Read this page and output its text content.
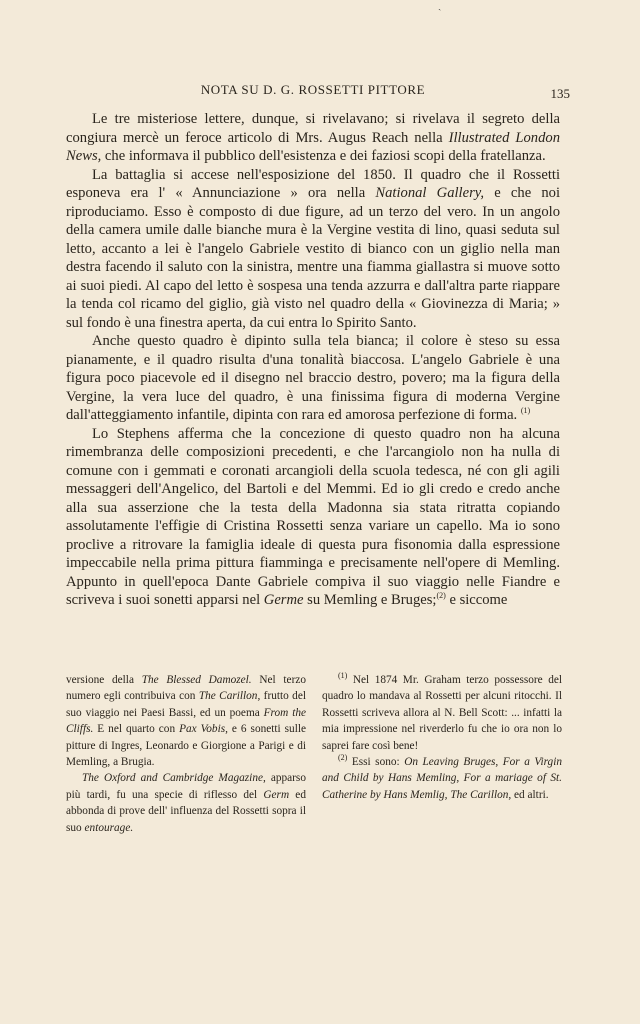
ˏ
NOTA SU D. G. ROSSETTI PITTORE	135

Le tre misteriose lettere, dunque, si rivelavano; si rivelava il segreto della congiura mercè un feroce articolo di Mrs. Augus Reach nella Illustrated London News, che informava il pubblico dell'esistenza e dei faziosi scopi della fratellanza.

La battaglia si accese nell'esposizione del 1850. Il quadro che il Rossetti esponeva era l' « Annunciazione » ora nella National Gallery, e che noi riproduciamo. Esso è composto di due figure, ad un terzo del vero. In un angolo della camera umile dalle bianche mura è la Vergine vestita di lino, quasi seduta sul letto, accanto a lei è l'angelo Gabriele vestito di bianco con un giglio nella man destra facendo il saluto con la sinistra, mentre una fiamma giallastra si muove sotto ai suoi piedi. Al capo del letto è sospesa una tenda azzurra e dall'altra parte riappare la tenda col ricamo del giglio, già visto nel quadro della « Giovinezza di Maria; » sul fondo è una finestra aperta, da cui entra lo Spirito Santo.

Anche questo quadro è dipinto sulla tela bianca; il colore è steso su essa pianamente, e il quadro risulta d'una tonalità biaccosa. L'angelo Gabriele è una figura poco piacevole ed il disegno nel braccio destro, povero; ma la figura della Vergine, la vera luce del quadro, è una finissima figura di moderna Vergine dall'atteggiamento infantile, dipinta con rara ed amorosa perfezione di forma. $^{(1)}$

Lo Stephens afferma che la concezione di questo quadro non ha alcuna rimembranza delle composizioni precedenti, e che l'arcangiolo non ha nulla di comune con i gemmati e coronati arcangioli della scuola tedesca, né con gli agili messaggeri dell'Angelico, del Bartoli e del Memmi. Ed io gli credo e credo anche alla sua asserzione che la testa della Madonna sia stata ritratta copiando assolutamente l'effigie di Cristina Rossetti senza variare un capello. Ma io sono proclive a ritrovare la famiglia ideale di questa pura fisonomia dalla espressione impeccabile nella prima pittura fiamminga e precisamente nell'opere di Memling. Appunto in quell'epoca Dante Gabriele compiva il suo viaggio nelle Fiandre e scriveva i suoi sonetti apparsi nel Germe su Memling e Bruges;$^{(2)}$ e siccome

versione della The Blessed Damozel. Nel terzo numero egli contribuiva con The Carillon, frutto del suo viaggio nei Paesi Bassi, ed un poema From the Cliffs. E nel quarto con Pax Vobis, e 6 sonetti sulle pitture di Ingres, Leonardo e Giorgione a Parigi e di Memling, a Brugia.

The Oxford and Cambridge Magazine, apparso più tardi, fu una specie di riflesso del Germ ed abbonda di prove dell' influenza del Rossetti sopra il suo entourage.

$^{(1)}$ Nel 1874 Mr. Graham terzo possessore del quadro lo mandava al Rossetti per alcuni ritocchi. Il Rossetti scriveva allora al N. Bell Scott: ... infatti la mia impressione nel riverderlo fu che io ora non lo saprei fare così bene!

$^{(2)}$ Essi sono: On Leaving Bruges, For a Virgin and Child by Hans Memling, For a mariage of St. Catherine by Hans Memlig, The Carillon, ed altri.
